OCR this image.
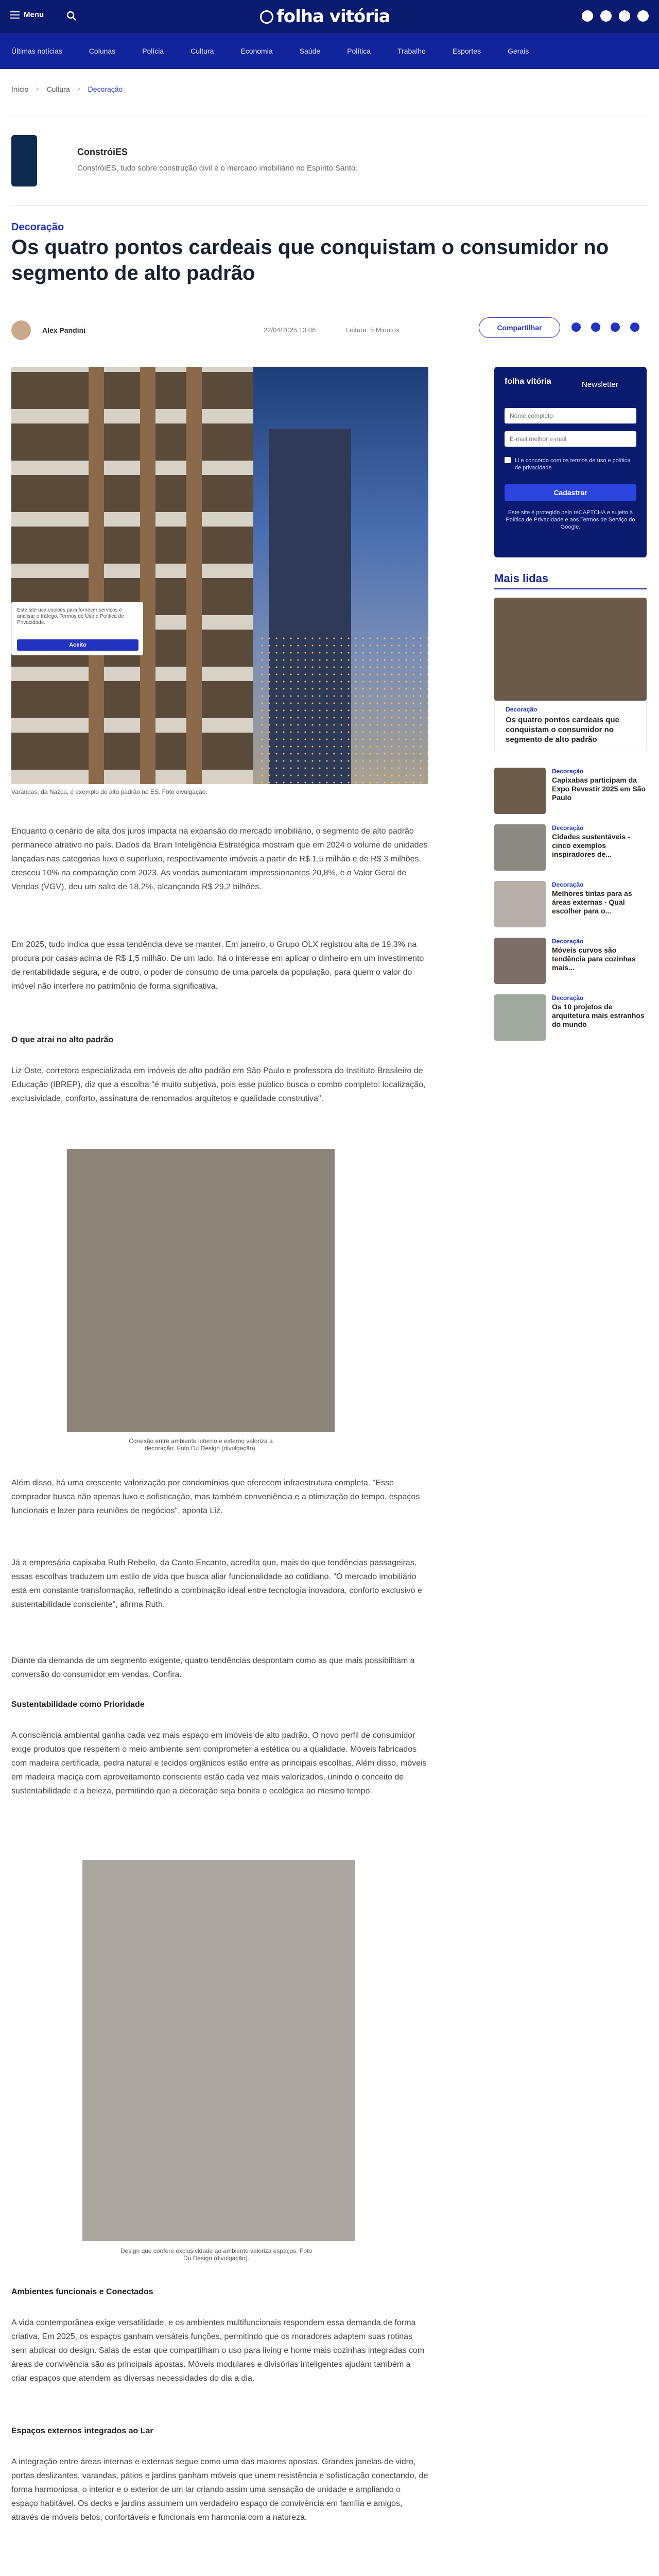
Menu	folha vitória
Últimas notícias	Colunas	Polícia	Cultura	Economia	Saúde	Política	Trabalho	Esportes	Gerais
Início > Cultura > Decoração
ConstróiES
ConstróiES, tudo sobre construção civil e o mercado imobiliário no Espírito Santo.
Decoração
Os quatro pontos cardeais que conquistam o consumidor no segmento de alto padrão
Alex Pandini	22/04/2025 13:06	Leitura: 5 Minutos	Compartilhar
Este site usa cookies para fornecer serviços e analisar o tráfego. Termos de Uso e Política de Privacidade.
Aceito
Varandas, da Nazca, é exemplo de alto padrão no ES. Foto divulgação.
Enquanto o cenário de alta dos juros impacta na expansão do mercado imobiliário, o segmento de alto padrão permanece atrativo no país. Dados da Brain Inteligência Estratégica mostram que em 2024 o volume de unidades lançadas nas categorias luxo e superluxo, respectivamente imóveis a partir de R$ 1,5 milhão e de R$ 3 milhões, cresceu 10% na comparação com 2023. As vendas aumentaram impressionantes 20,8%, e o Valor Geral de Vendas (VGV), deu um salto de 18,2%, alcançando R$ 29,2 bilhões.
Em 2025, tudo indica que essa tendência deve se manter. Em janeiro, o Grupo OLX registrou alta de 19,3% na procura por casas acima de R$ 1,5 milhão. De um lado, há o interesse em aplicar o dinheiro em um investimento de rentabilidade segura, e de outro, o poder de consumo de uma parcela da população, para quem o valor do imóvel não interfere no patrimônio de forma significativa.
O que atrai no alto padrão
Liz Oste, corretora especializada em imóveis de alto padrão em São Paulo e professora do Instituto Brasileiro de Educação (IBREP), diz que a escolha "é muito subjetiva, pois esse público busca o combo completo: localização, exclusividade, conforto, assinatura de renomados arquitetos e qualidade construtiva".
Conexão entre ambiente interno e externo valoriza a decoração. Foto Du Design (divulgação).
Além disso, há uma crescente valorização por condomínios que oferecem infraestrutura completa. "Esse comprador busca não apenas luxo e sofisticação, mas também conveniência e a otimização do tempo, espaços funcionais e lazer para reuniões de negócios", aponta Liz.
Já a empresária capixaba Ruth Rebello, da Canto Encanto, acredita que, mais do que tendências passageiras, essas escolhas traduzem um estilo de vida que busca aliar funcionalidade ao cotidiano. "O mercado imobiliário está em constante transformação, refletindo a combinação ideal entre tecnologia inovadora, conforto exclusivo e sustentabilidade consciente", afirma Ruth.
Diante da demanda de um segmento exigente, quatro tendências despontam como as que mais possibilitam a conversão do consumidor em vendas. Confira.
Sustentabilidade como Prioridade
A consciência ambiental ganha cada vez mais espaço em imóveis de alto padrão. O novo perfil de consumidor exige produtos que respeitem o meio ambiente sem comprometer a estética ou a qualidade. Móveis fabricados com madeira certificada, pedra natural e tecidos orgânicos estão entre as principais escolhas. Além disso, móveis em madeira maciça com aproveitamento consciente estão cada vez mais valorizados, unindo o conceito de sustentabilidade e a beleza, permitindo que a decoração seja bonita e ecológica ao mesmo tempo.
Design que confere exclusividade ao ambiente valoriza espaços. Foto Du Design (divulgação).
Ambientes funcionais e Conectados
A vida contemporânea exige versatilidade, e os ambientes multifuncionais respondem essa demanda de forma criativa. Em 2025, os espaços ganham versáteis funções, permitindo que os moradores adaptem suas rotinas sem abdicar do design. Salas de estar que compartilham o uso para living e home mais cozinhas integradas com áreas de convivência são as principais apostas. Móveis modulares e divisórias inteligentes ajudam também a criar espaços que atendem as diversas necessidades do dia a dia.
Espaços externos integrados ao Lar
A integração entre áreas internas e externas segue como uma das maiores apostas. Grandes janelas de vidro, portas deslizantes, varandas, pátios e jardins ganham móveis que unem resistência e sofisticação conectando, de forma harmoniosa, o interior e o exterior de um lar criando assim uma sensação de unidade e ampliando o espaço habitável. Os decks e jardins assumem um verdadeiro espaço de convivência em família e amigos, através de móveis belos, confortáveis e funcionais em harmonia com a natureza.
folha vitória	Newsletter
Nome completo
E-mail melhor e-mail
Li e concordo com os termos de uso e política de privacidade
Cadastrar
Este site é protegido pelo reCAPTCHA e sujeito à Política de Privacidade e aos Termos de Serviço do Google.
Mais lidas
Decoração
Os quatro pontos cardeais que conquistam o consumidor no segmento de alto padrão
Decoração
Capixabas participam da Expo Revestir 2025 em São Paulo
Decoração
Cidades sustentáveis - cinco exemplos inspiradores de...
Decoração
Melhores tintas para as áreas externas - Qual escolher para o...
Decoração
Móveis curvos são tendência para cozinhas mais...
Decoração
Os 10 projetos de arquitetura mais estranhos do mundo
